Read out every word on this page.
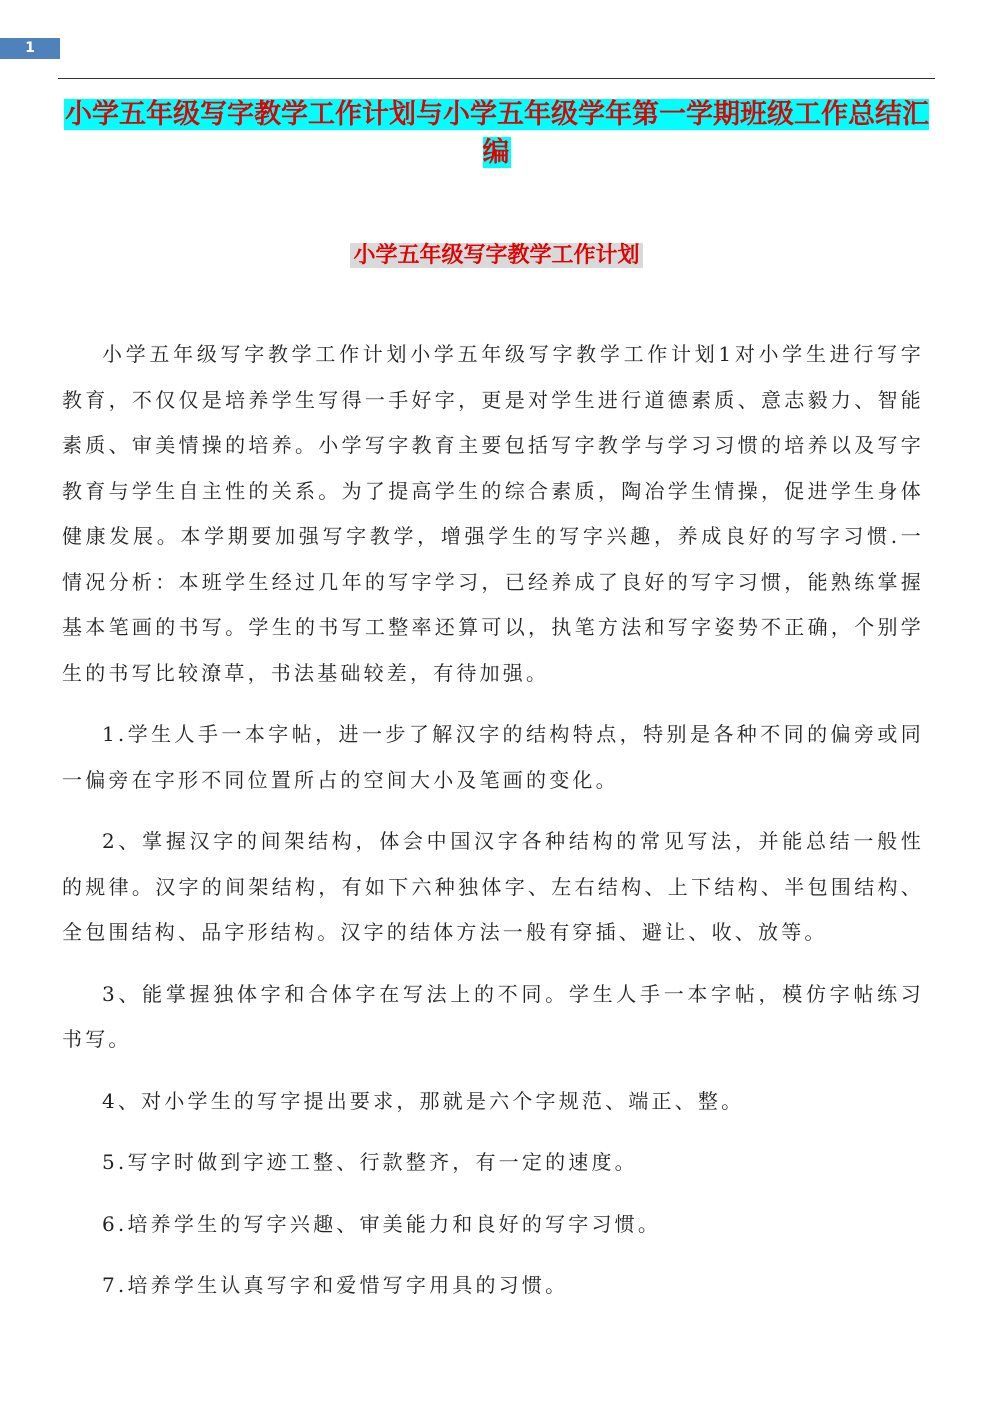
1
小学五年级写字教学工作计划与小学五年级学年第一学期班级工作总结汇编
小学五年级写字教学工作计划

小学五年级写字教学工作计划小学五年级写字教学工作计划1对小学生进行写字教育，不仅仅是培养学生写得一手好字，更是对学生进行道德素质、意志毅力、智能素质、审美情操的培养。小学写字教育主要包括写字教学与学习习惯的培养以及写字教育与学生自主性的关系。为了提高学生的综合素质，陶冶学生情操，促进学生身体健康发展。本学期要加强写字教学，增强学生的写字兴趣，养成良好的写字习惯.一情况分析：本班学生经过几年的写字学习，已经养成了良好的写字习惯，能熟练掌握基本笔画的书写。学生的书写工整率还算可以，执笔方法和写字姿势不正确，个别学生的书写比较潦草，书法基础较差，有待加强。

1.学生人手一本字帖，进一步了解汉字的结构特点，特别是各种不同的偏旁或同一偏旁在字形不同位置所占的空间大小及笔画的变化。

2、掌握汉字的间架结构，体会中国汉字各种结构的常见写法，并能总结一般性的规律。汉字的间架结构，有如下六种独体字、左右结构、上下结构、半包围结构、全包围结构、品字形结构。汉字的结体方法一般有穿插、避让、收、放等。

3、能掌握独体字和合体字在写法上的不同。学生人手一本字帖，模仿字帖练习书写。

4、对小学生的写字提出要求，那就是六个字规范、端正、整。

5.写字时做到字迹工整、行款整齐，有一定的速度。

6.培养学生的写字兴趣、审美能力和良好的写字习惯。

7.培养学生认真写字和爱惜写字用具的习惯。
